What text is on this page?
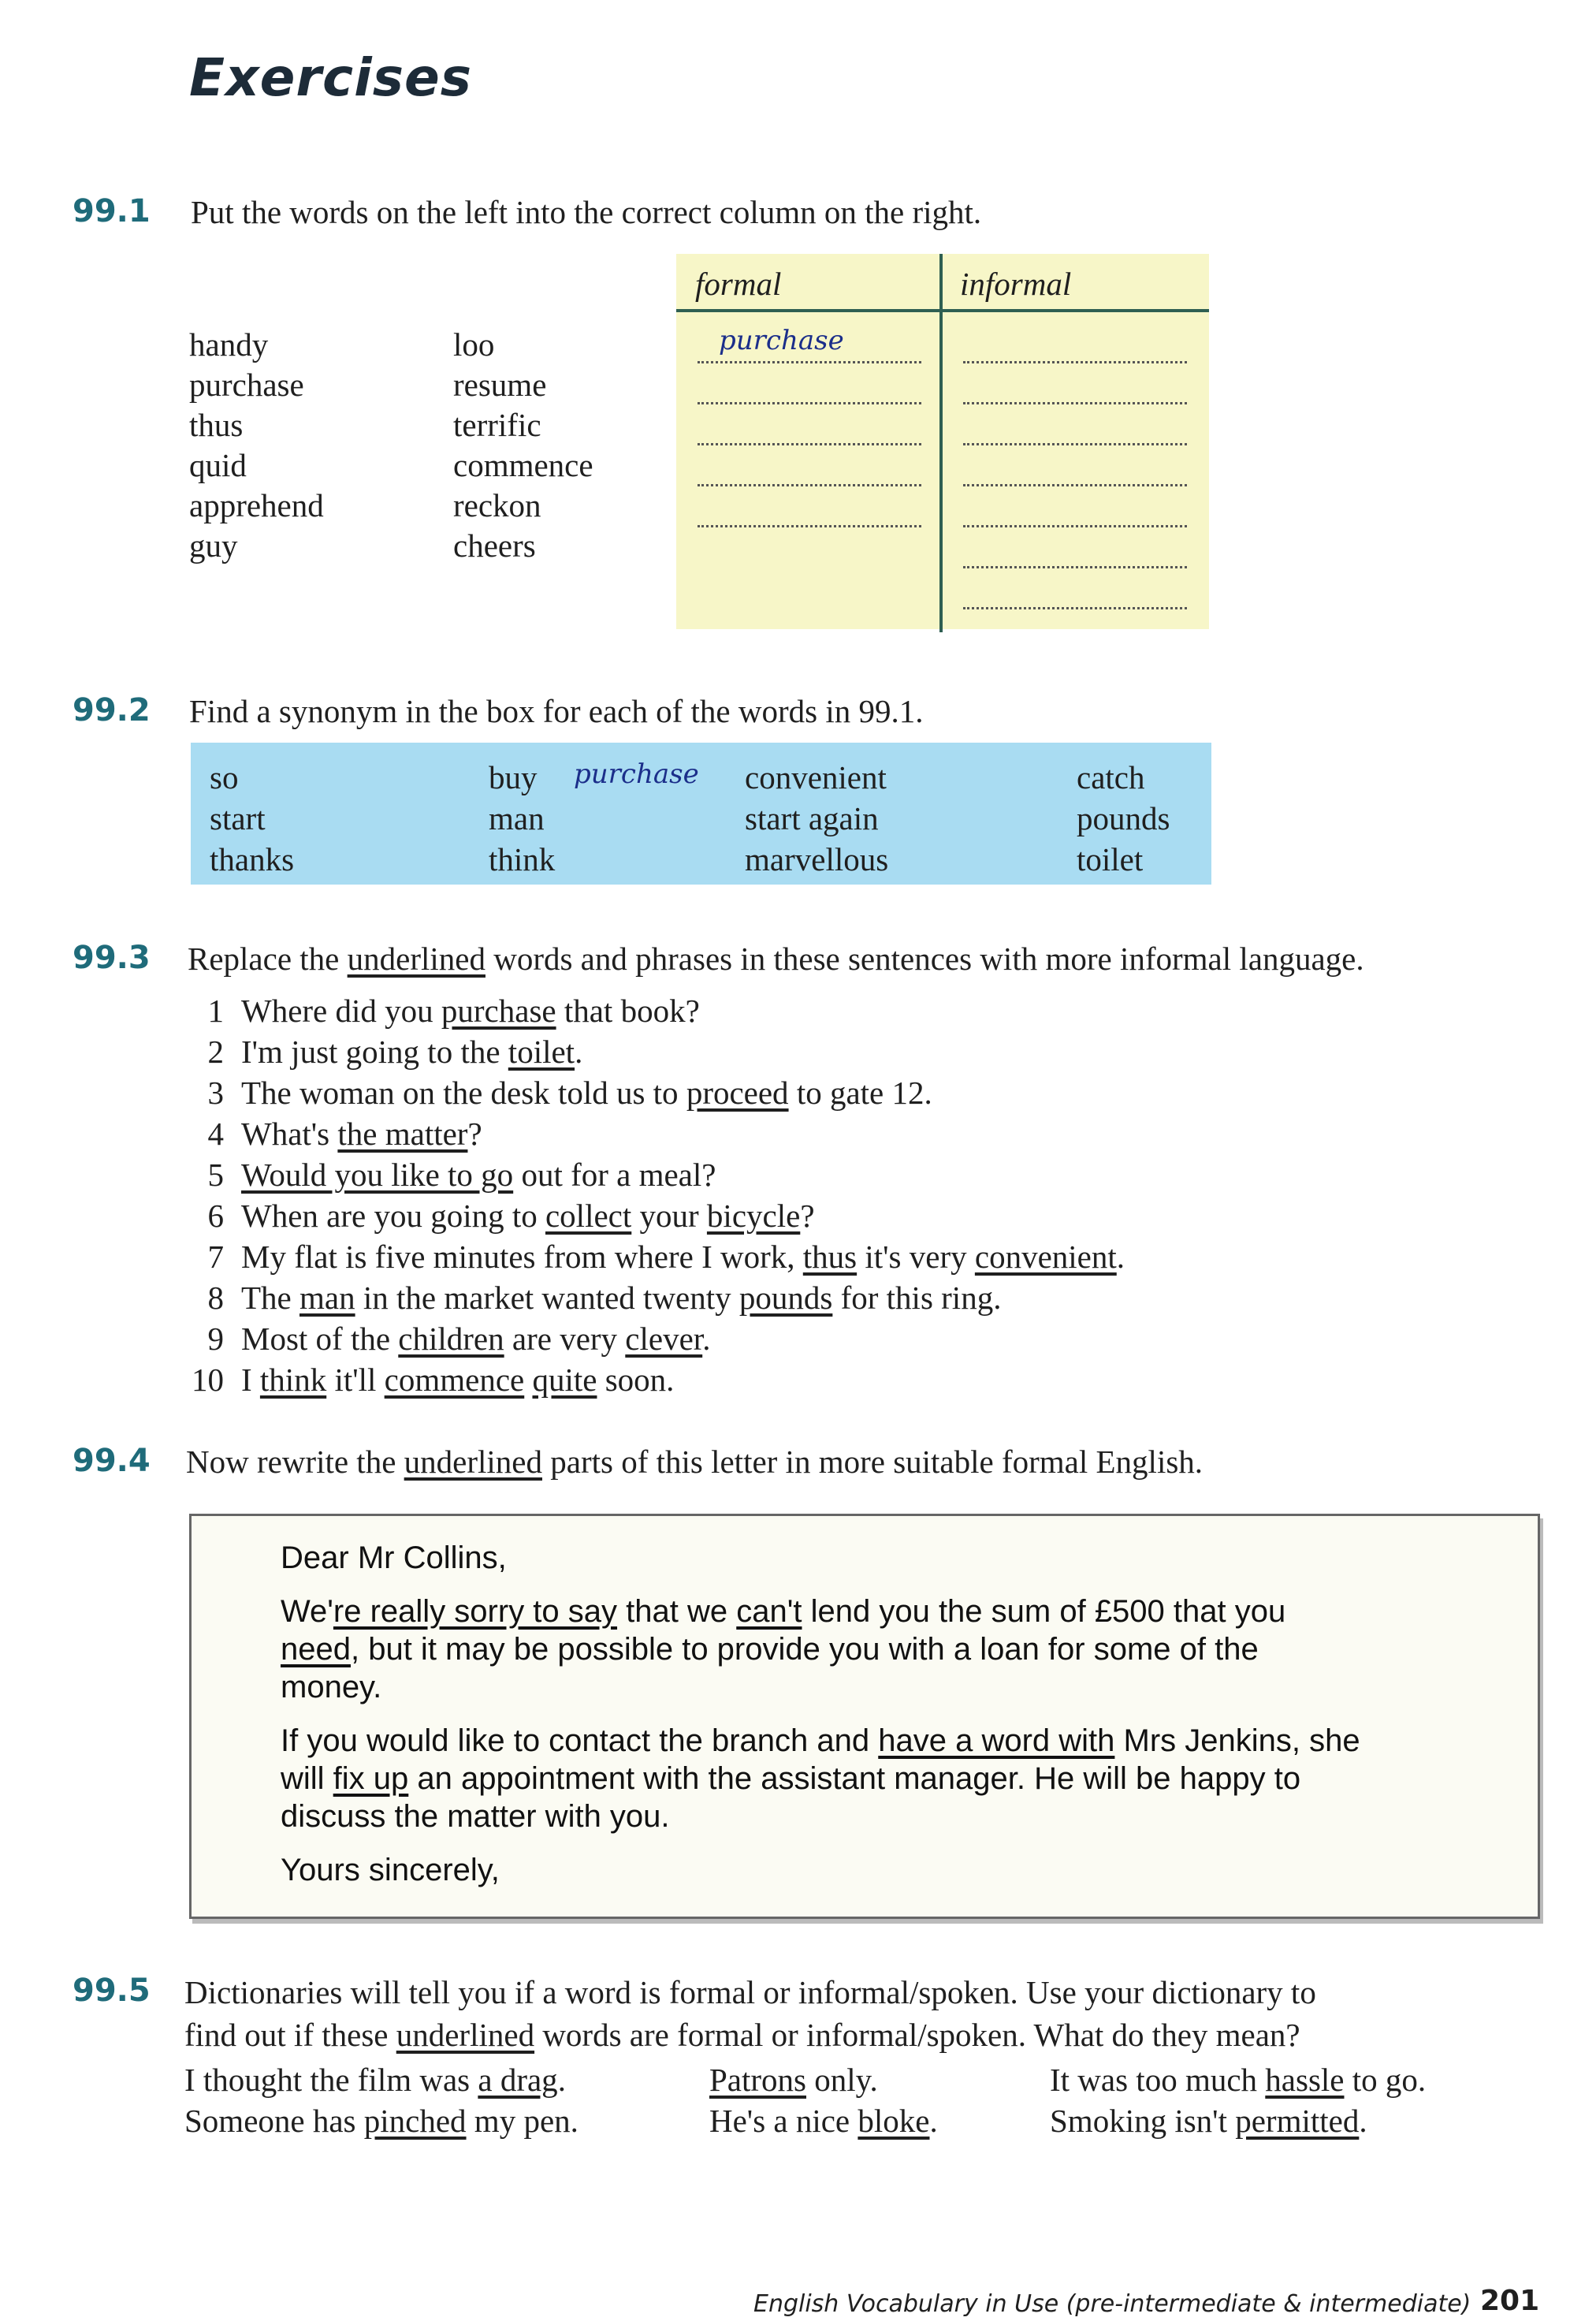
Exercises
99.1 Put the words on the left into the correct column on the right.
handy
purchase
thus
quid
apprehend
guy
loo
resume
terrific
commence
reckon
cheers
formal	informal
purchase
99.2 Find a synonym in the box for each of the words in 99.1.
so
start
thanks
buy
man
think
purchase convenient
start again
marvellous
catch
pounds
toilet
99.3 Replace the underlined words and phrases in these sentences with more informal language.
1 Where did you purchase that book?
2 I'm just going to the toilet.
3 The woman on the desk told us to proceed to gate 12.
4 What's the matter?
5 Would you like to go out for a meal?
6 When are you going to collect your bicycle?
7 My flat is five minutes from where I work, thus it's very convenient.
8 The man in the market wanted twenty pounds for this ring.
9 Most of the children are very clever.
10 I think it'll commence quite soon.
99.4 Now rewrite the underlined parts of this letter in more suitable formal English.
Dear Mr Collins,
We're really sorry to say that we can't lend you the sum of £500 that you
need, but it may be possible to provide you with a loan for some of the
money.
If you would like to contact the branch and have a word with Mrs Jenkins, she
will fix up an appointment with the assistant manager. He will be happy to
discuss the matter with you.
Yours sincerely,
99.5 Dictionaries will tell you if a word is formal or informal/spoken. Use your dictionary to
find out if these underlined words are formal or informal/spoken. What do they mean?
I thought the film was a drag.
Someone has pinched my pen.
Patrons only.
He's a nice bloke.
It was too much hassle to go.
Smoking isn't permitted.
English Vocabulary in Use (pre-intermediate & intermediate) 201
